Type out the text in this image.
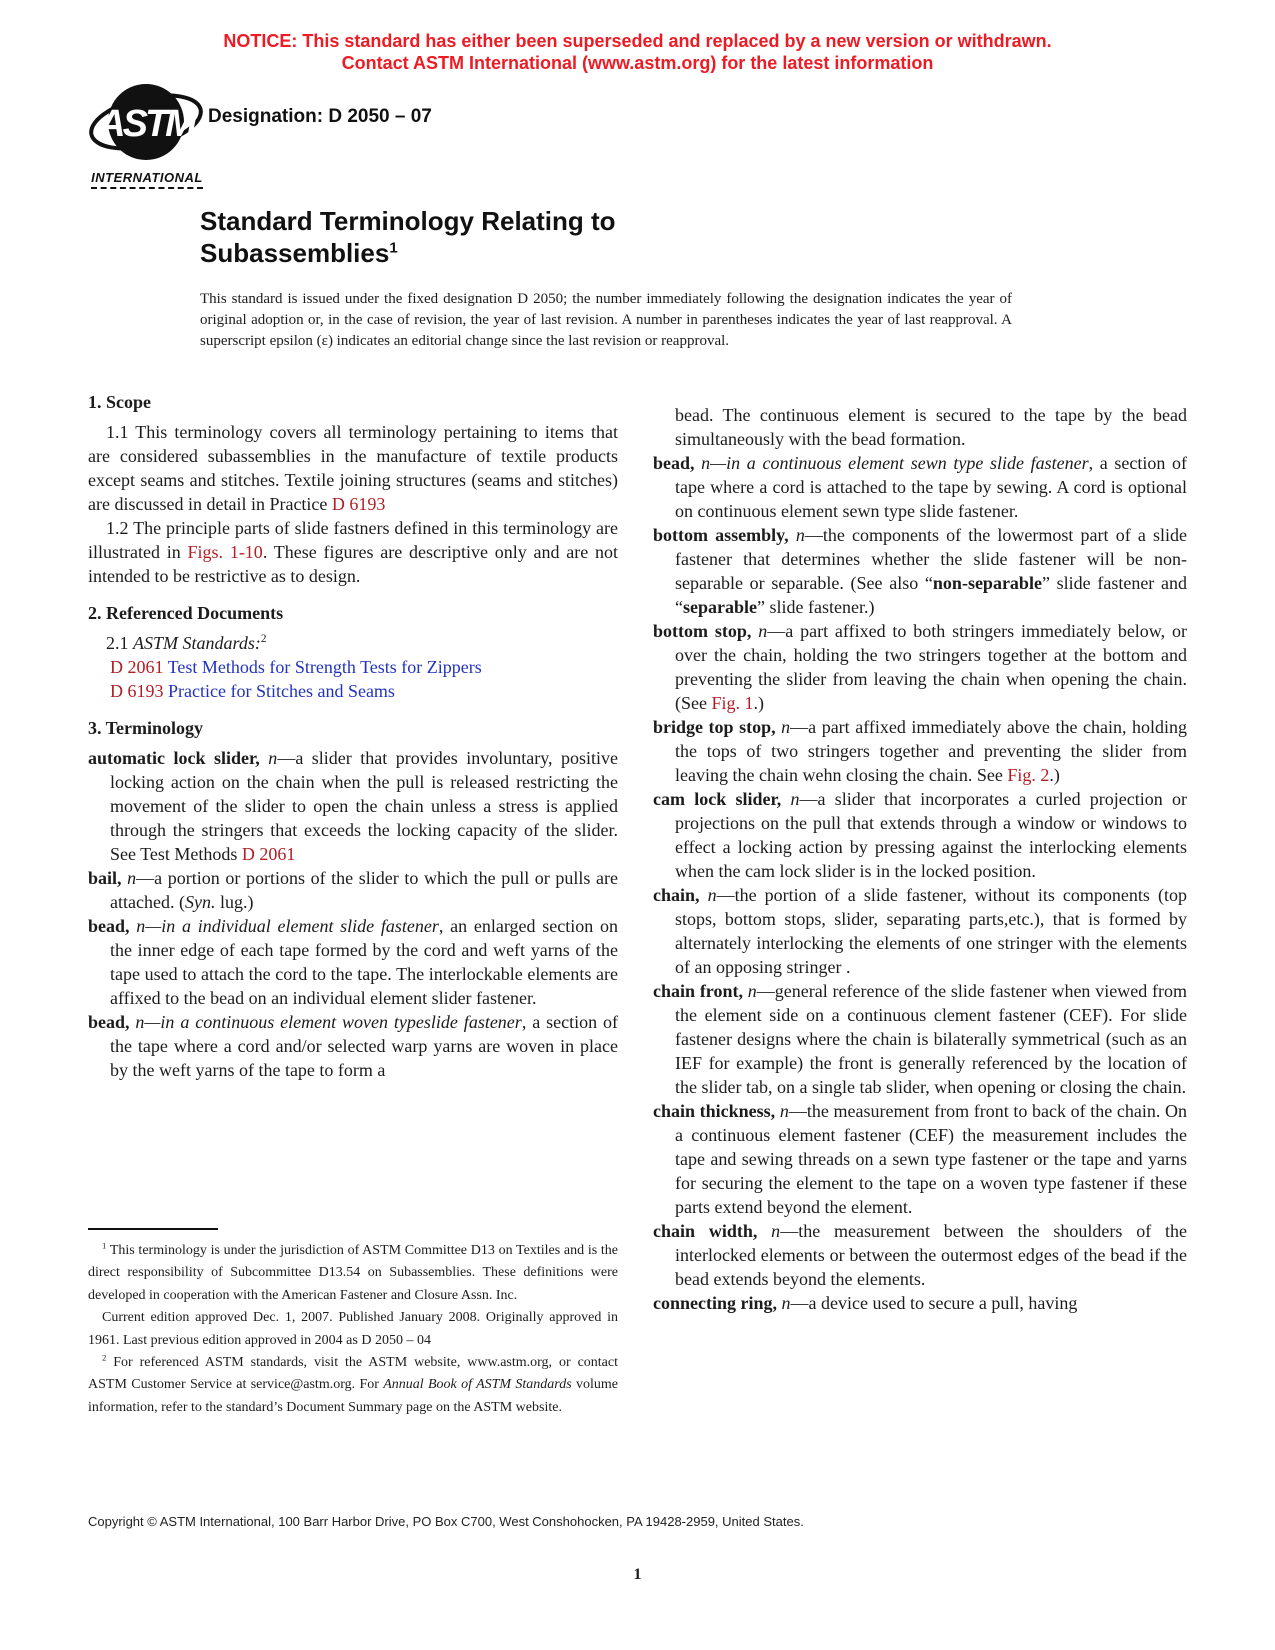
NOTICE: This standard has either been superseded and replaced by a new version or withdrawn.
Contact ASTM International (www.astm.org) for the latest information
ASTM
INTERNATIONAL
Designation: D 2050 – 07
Standard Terminology Relating to
Subassemblies$^1$
This standard is issued under the fixed designation D 2050; the number immediately following the designation indicates the year of original adoption or, in the case of revision, the year of last revision. A number in parentheses indicates the year of last reapproval. A superscript epsilon (ε) indicates an editorial change since the last revision or reapproval.
1. Scope

1.1 This terminology covers all terminology pertaining to items that are considered subassemblies in the manufacture of textile products except seams and stitches. Textile joining structures (seams and stitches) are discussed in detail in Practice D 6193

1.2 The principle parts of slide fastners defined in this terminology are illustrated in Figs. 1-10. These figures are descriptive only and are not intended to be restrictive as to design.

2. Referenced Documents

2.1 ASTM Standards:$^2$

D 2061 Test Methods for Strength Tests for Zippers

D 6193 Practice for Stitches and Seams

3. Terminology

automatic lock slider, n—a slider that provides involuntary, positive locking action on the chain when the pull is released restricting the movement of the slider to open the chain unless a stress is applied through the stringers that exceeds the locking capacity of the slider. See Test Methods D 2061

bail, n—a portion or portions of the slider to which the pull or pulls are attached. (Syn. lug.)

bead, n—in a individual element slide fastener, an enlarged section on the inner edge of each tape formed by the cord and weft yarns of the tape used to attach the cord to the tape. The interlockable elements are affixed to the bead on an individual element slider fastener.

bead, n—in a continuous element woven typeslide fastener, a section of the tape where a cord and/or selected warp yarns are woven in place by the weft yarns of the tape to form a

bead. The continuous element is secured to the tape by the bead simultaneously with the bead formation.

bead, n—in a continuous element sewn type slide fastener, a section of tape where a cord is attached to the tape by sewing. A cord is optional on continuous element sewn type slide fastener.

bottom assembly, n—the components of the lowermost part of a slide fastener that determines whether the slide fastener will be non-separable or separable. (See also “non-separable” slide fastener and “separable” slide fastener.)

bottom stop, n—a part affixed to both stringers immediately below, or over the chain, holding the two stringers together at the bottom and preventing the slider from leaving the chain when opening the chain. (See Fig. 1.)

bridge top stop, n—a part affixed immediately above the chain, holding the tops of two stringers together and preventing the slider from leaving the chain wehn closing the chain. See Fig. 2.)

cam lock slider, n—a slider that incorporates a curled projection or projections on the pull that extends through a window or windows to effect a locking action by pressing against the interlocking elements when the cam lock slider is in the locked position.

chain, n—the portion of a slide fastener, without its components (top stops, bottom stops, slider, separating parts,etc.), that is formed by alternately interlocking the elements of one stringer with the elements of an opposing stringer .

chain front, n—general reference of the slide fastener when viewed from the element side on a continuous clement fastener (CEF). For slide fastener designs where the chain is bilaterally symmetrical (such as an IEF for example) the front is generally referenced by the location of the slider tab, on a single tab slider, when opening or closing the chain.

chain thickness, n—the measurement from front to back of the chain. On a continuous element fastener (CEF) the measurement includes the tape and sewing threads on a sewn type fastener or the tape and yarns for securing the element to the tape on a woven type fastener if these parts extend beyond the element.

chain width, n—the measurement between the shoulders of the interlocked elements or between the outermost edges of the bead if the bead extends beyond the elements.

connecting ring, n—a device used to secure a pull, having

$^1$ This terminology is under the jurisdiction of ASTM Committee D13 on Textiles and is the direct responsibility of Subcommittee D13.54 on Subassemblies. These definitions were developed in cooperation with the American Fastener and Closure Assn. Inc.

Current edition approved Dec. 1, 2007. Published January 2008. Originally approved in 1961. Last previous edition approved in 2004 as D 2050 – 04

$^2$ For referenced ASTM standards, visit the ASTM website, www.astm.org, or contact ASTM Customer Service at service@astm.org. For Annual Book of ASTM Standards volume information, refer to the standard’s Document Summary page on the ASTM website.

Copyright © ASTM International, 100 Barr Harbor Drive, PO Box C700, West Conshohocken, PA 19428-2959, United States.
1
